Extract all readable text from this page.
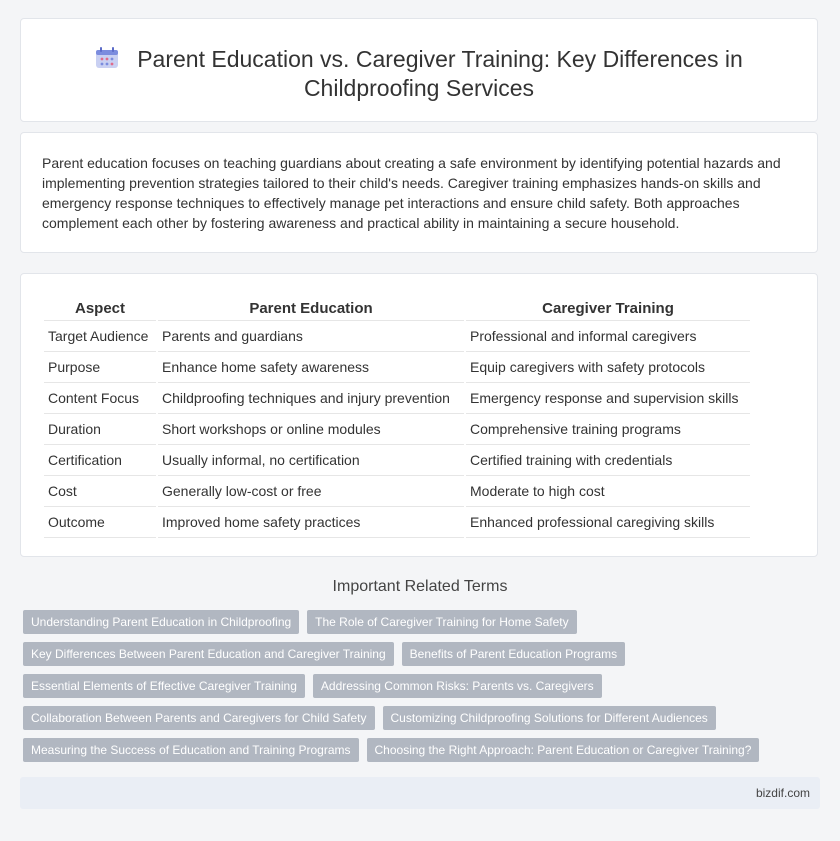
Parent Education vs. Caregiver Training: Key Differences in
Childproofing Services
Parent education focuses on teaching guardians about creating a safe environment by identifying potential hazards and implementing prevention strategies tailored to their child's needs. Caregiver training emphasizes hands-on skills and emergency response techniques to effectively manage pet interactions and ensure child safety. Both approaches complement each other by fostering awareness and practical ability in maintaining a secure household.
Aspect	Parent Education	Caregiver Training
Target Audience	Parents and guardians	Professional and informal caregivers
Purpose	Enhance home safety awareness	Equip caregivers with safety protocols
Content Focus	Childproofing techniques and injury prevention	Emergency response and supervision skills
Duration	Short workshops or online modules	Comprehensive training programs
Certification	Usually informal, no certification	Certified training with credentials
Cost	Generally low-cost or free	Moderate to high cost
Outcome	Improved home safety practices	Enhanced professional caregiving skills
Important Related Terms
Understanding Parent Education in Childproofing The Role of Caregiver Training for Home Safety
Key Differences Between Parent Education and Caregiver Training Benefits of Parent Education Programs
Essential Elements of Effective Caregiver Training Addressing Common Risks: Parents vs. Caregivers
Collaboration Between Parents and Caregivers for Child Safety Customizing Childproofing Solutions for Different Audiences
Measuring the Success of Education and Training Programs Choosing the Right Approach: Parent Education or Caregiver Training?
bizdif.com
